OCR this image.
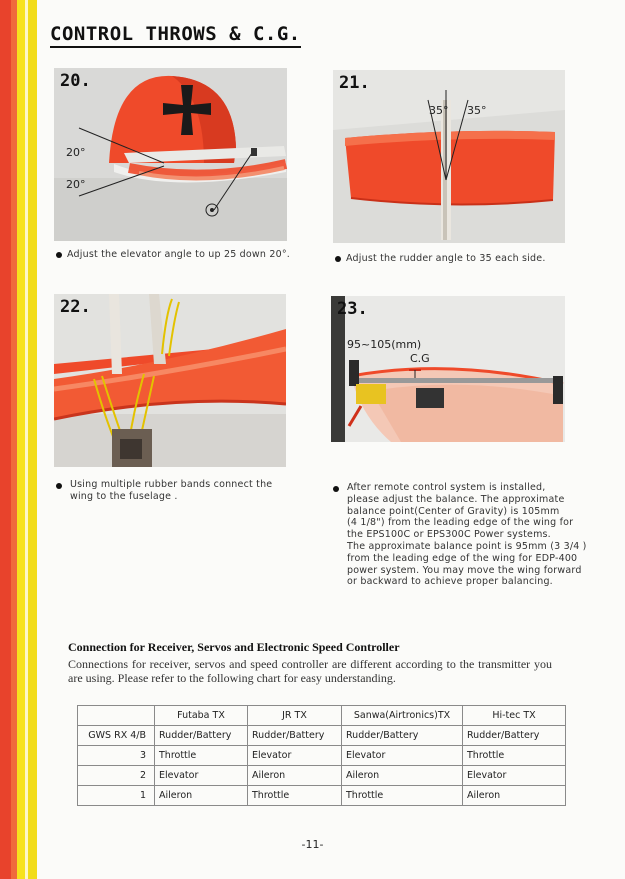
CONTROL THROWS & C.G.
20.
20°
20°
Adjust the elevator angle to up 25 down 20°.
21.
35° 35°
Adjust the rudder angle to 35 each side.
22.
Using multiple rubber bands connect the
wing to the fuselage .
23.
95~105(mm)
C.G
After remote control system is installed,
please adjust the balance. The approximate
balance point(Center of Gravity) is 105mm
(4 1/8") from the leading edge of the wing for
the EPS100C or EPS300C Power systems.
The approximate balance point is 95mm (3 3/4 )
from the leading edge of the wing for EDP-400
power system. You may move the wing forward
or backward to achieve proper balancing.
Connection for Receiver, Servos and Electronic Speed Controller

Connections for receiver, servos and speed controller are different according to the transmitter you are using. Please refer to the following chart for easy understanding.

	Futaba TX	JR TX	Sanwa(Airtronics)TX	Hi-tec TX
GWS RX 4/B	Rudder/Battery	Rudder/Battery	Rudder/Battery	Rudder/Battery
3	Throttle	Elevator	Elevator	Throttle
2	Elevator	Aileron	Aileron	Elevator
1	Aileron	Throttle	Throttle	Aileron
-11-
